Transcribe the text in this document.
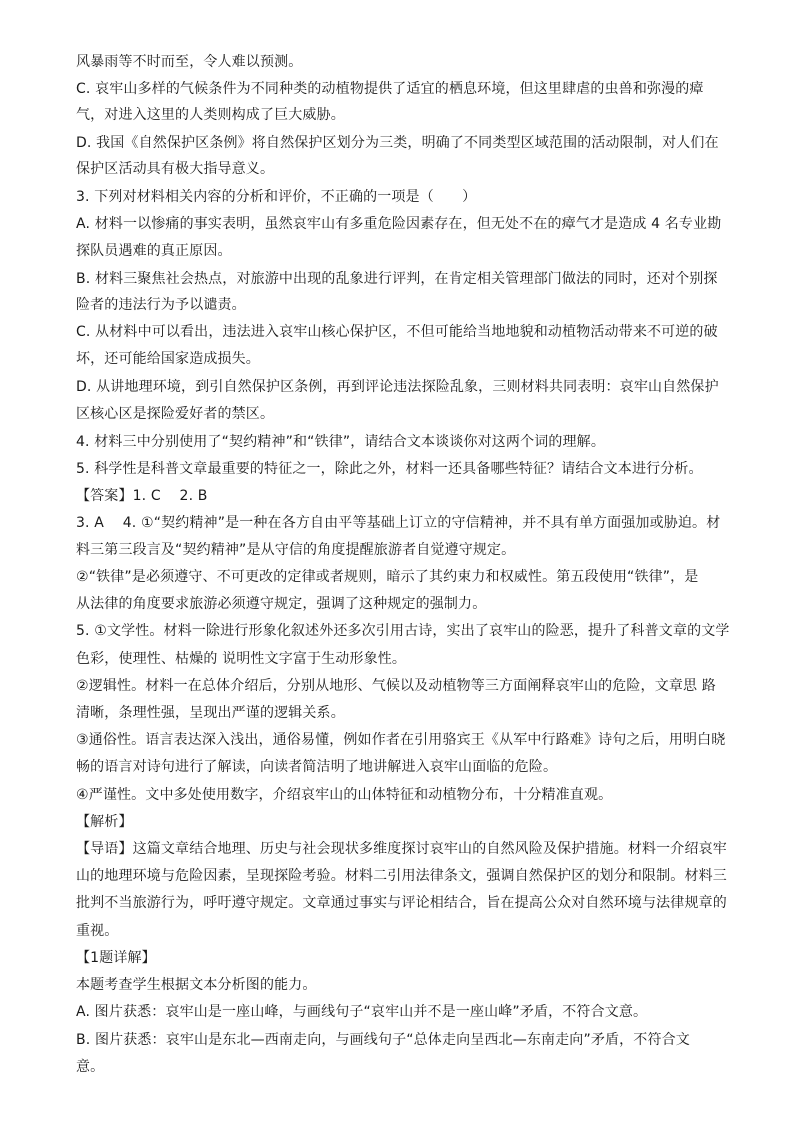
风暴雨等不时而至，令人难以预测。
C. 哀牢山多样的气候条件为不同种类的动植物提供了适宜的栖息环境，但这里肆虐的虫兽和弥漫的瘴
气，对进入这里的人类则构成了巨大威胁。
D. 我国《自然保护区条例》将自然保护区划分为三类，明确了不同类型区域范围的活动限制，对人们在
保护区活动具有极大指导意义。
3. 下列对材料相关内容的分析和评价，不正确的一项是（　　）
A. 材料一以惨痛的事实表明，虽然哀牢山有多重危险因素存在，但无处不在的瘴气才是造成 4 名专业勘
探队员遇难的真正原因。
B. 材料三聚焦社会热点，对旅游中出现的乱象进行评判，在肯定相关管理部门做法的同时，还对个别探
险者的违法行为予以谴责。
C. 从材料中可以看出，违法进入哀牢山核心保护区，不但可能给当地地貌和动植物活动带来不可逆的破
坏，还可能给国家造成损失。
D. 从讲地理环境，到引自然保护区条例，再到评论违法探险乱象，三则材料共同表明：哀牢山自然保护
区核心区是探险爱好者的禁区。
4. 材料三中分别使用了“契约精神”和“铁律”，请结合文本谈谈你对这两个词的理解。
5. 科学性是科普文章最重要的特征之一，除此之外，材料一还具备哪些特征？请结合文本进行分析。
【答案】1. C　 2. B
3. A　 4. ①“契约精神”是一种在各方自由平等基础上订立的守信精神，并不具有单方面强加或胁迫。材
料三第三段言及“契约精神”是从守信的角度提醒旅游者自觉遵守规定。
②“铁律”是必须遵守、不可更改的定律或者规则，暗示了其约束力和权威性。第五段使用“铁律”，是
从法律的角度要求旅游必须遵守规定，强调了这种规定的强制力。
5. ①文学性。材料一除进行形象化叙述外还多次引用古诗，实出了哀牢山的险恶，提升了科普文章的文学
色彩，使理性、枯燥的 说明性文字富于生动形象性。
②逻辑性。材料一在总体介绍后，分别从地形、气候以及动植物等三方面阐释哀牢山的危险，文章思 路
清晰，条理性强，呈现出严谨的逻辑关系。
③通俗性。语言表达深入浅出，通俗易懂，例如作者在引用骆宾王《从军中行路难》诗句之后，用明白晓
畅的语言对诗句进行了解读，向读者简洁明了地讲解进入哀牢山面临的危险。
④严谨性。文中多处使用数字，介绍哀牢山的山体特征和动植物分布，十分精准直观。
【解析】
【导语】这篇文章结合地理、历史与社会现状多维度探讨哀牢山的自然风险及保护措施。材料一介绍哀牢
山的地理环境与危险因素，呈现探险考验。材料二引用法律条文，强调自然保护区的划分和限制。材料三
批判不当旅游行为，呼吁遵守规定。文章通过事实与评论相结合，旨在提高公众对自然环境与法律规章的
重视。
【1题详解】
本题考查学生根据文本分析图的能力。
A. 图片获悉：哀牢山是一座山峰，与画线句子“哀牢山并不是一座山峰”矛盾，不符合文意。
B. 图片获悉：哀牢山是东北—西南走向，与画线句子“总体走向呈西北—东南走向”矛盾，不符合文
意。
